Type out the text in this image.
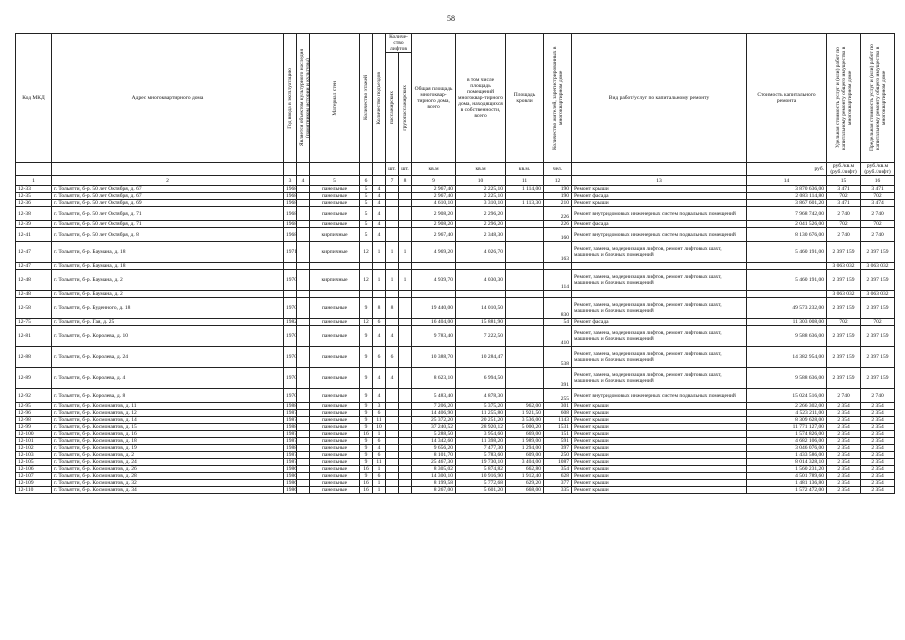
58
Код МКД	Адрес многоквартирного дома	Год ввода в эксплуатацию	Является объектом культурного наследия (памятником истории и культуры)	Материал стен	Количество этажей	Количество подъездов	Количе-ство лифтов		Общая площадь многоквар-тирного дома, всего	в том числе площадь помещений многоквар-тирного дома, находящихся в собственности, всего	Площадь кровли	Количество жителей, зарегистрированных в многоквартирном доме	Вид работ/услуг по капитальному ремонту	Стоимость капитального ремонта	Удельная стоимость услуг и (или) работ по капитальному ремонту общего имущества в многоквартирном доме	Предельная стоимость услуг и (или) работ по капитальному ремонту общего имущества в многоквартирном доме

							пассажирских	грузопассажирских								

							шт.	шт.	кв.м	кв.м	кв.м.	чел.		руб.	руб./кв.м (руб./лифт)	руб./кв.м (руб./лифт)
1	2	3	4	5	6		7	8	9	10	11	12	13	14	15	16
12-33	г. Тольятти, б-р. 50 лет Октября, д. 67	1968		панельные	5	4			2 967,40	2 225,10	1 114,00	190	Ремонт крыши	3 870 636,00	3 471	3 471
12-35	г. Тольятти, б-р. 50 лет Октября, д. 67	1968		панельные	5	4			2 967,40	2 225,10		190	Ремонт фасада	2 083 114,80	702	702
12-36	г. Тольятти, б-р. 50 лет Октября, д. 69	1968		панельные	5	4			4 610,10	3 310,10	1 113,30	210	Ремонт крыши	3 867 601,20	3 471	3 474
12-38	г. Тольятти, б-р. 50 лет Октября, д. 71	1968		панельные	5	4			2 908,20	2 296,20		226	Ремонт внутридомовых инженерных систем подвальных помещений	7 968 742,00	2 740	2 740
12-39	г. Тольятти, б-р. 50 лет Октября, д. 71	1968		панельные	5	4			2 908,20	2 296,20		226	Ремонт фасада	2 041 526,00	702	702
12-41	г. Тольятти, б-р. 50 лет Октября, д. 8	1968		кирпичные	5	4			2 967,40	2 348,30		160	Ремонт внутридомовых инженерных систем подвальных помещений	8 130 676,00	2 740	2 740
12-47	г. Тольятти, б-р. Баумана, д. 18	1971		кирпичные	12	1	1	1	4 969,20	4 026,70		163	Ремонт, замена, модернизация лифтов, ремонт лифтовых шахт, машинных и блочных помещений	5 460 191,00	2 397 159	2 397 159
12-47	г. Тольятти, б-р. Баумана, д. 18														3 063 032	3 063 032
12-48	г. Тольятти, б-р. Баумана, д. 2	1970		кирпичные	12	1	1	1	4 939,70	4 030,30		114	Ремонт, замена, модернизация лифтов, ремонт лифтовых шахт, машинных и блочных помещений	5 460 191,00	2 397 159	2 397 159
12-48	г. Тольятти, б-р. Баумана, д. 2														3 063 032	3 063 032
12-58	г. Тольятти, б-р. Буденного, д. 18	1970		панельные	9	8	8		19 440,00	14 010,50		830	Ремонт, замена, модернизация лифтов, ремонт лифтовых шахт, машинных и блочных помещений	49 573 232,00	2 397 159	2 397 159
12-75	г. Тольятти, б-р. Гая, д. 25	1982		панельные	12	6			16 404,00	15 881,90		54	Ремонт фасада	11 303 008,00	702	702
12-81	г. Тольятти, б-р. Королева, д. 10	1970		панельные	9	4	4		9 783,40	7 222,50		410	Ремонт, замена, модернизация лифтов, ремонт лифтовых шахт, машинных и блочных помещений	9 588 636,00	2 397 159	2 397 159
12-88	г. Тольятти, б-р. Королева, д. 24	1970		панельные	9	6	6		10 388,70	10 284,47		538	Ремонт, замена, модернизация лифтов, ремонт лифтовых шахт, машинных и блочных помещений	14 382 954,00	2 397 159	2 397 159
12-89	г. Тольятти, б-р. Королева, д. 4	1970		панельные	9	4	4		8 623,10	6 994,50		391	Ремонт, замена, модернизация лифтов, ремонт лифтовых шахт, машинных и блочных помещений	9 588 636,00	2 397 159	2 397 159
12-92	г. Тольятти, б-р. Королева, д. 8	1970		панельные	9	4			5 483,40	4 878,30		255	Ремонт внутридомовых инженерных систем подвальных помещений	15 024 516,00	2 740	2 740
12-95	г. Тольятти, б-р. Космонавтов, д. 11	1988		панельные	9	3			7 206,20	5 375,20	962,00	301	Ремонт крыши	2 266 302,00	2 354	2 354
12-96	г. Тольятти, б-р. Космонавтов, д. 12	1987		панельные	9	6			14 406,90	11 255,80	1 921,50	608	Ремонт крыши	4 523 211,00	2 354	2 354
12-98	г. Тольятти, б-р. Космонавтов, д. 14	1987		панельные	9	11			25 372,20	20 251,20	3 536,00	1143	Ремонт крыши	8 309 628,00	2 354	2 354
12-99	г. Тольятти, б-р. Космонавтов, д. 15	1988		панельные	9	10			37 240,52	28 920,12	5 000,20	1531	Ремонт крыши	11 771 127,00	2 354	2 354
12-100	г. Тольятти, б-р. Космонавтов, д. 16	1987		панельные	16	1			5 288,50	3 954,60	669,00	151	Ремонт крыши	1 574 826,00	2 354	2 354
12-101	г. Тольятти, б-р. Космонавтов, д. 18	1987		панельные	9	6			14 342,60	11 398,20	1 989,00	591	Ремонт крыши	4 682 106,00	2 354	2 354
12-102	г. Тольятти, б-р. Космонавтов, д. 19	1988		панельные	9	4			9 656,20	7 477,30	1 294,00	397	Ремонт крыши	3 046 076,00	2 354	2 354
12-103	г. Тольятти, б-р. Космонавтов, д. 2	1987		панельные	9	6			8 101,70	5 783,60	609,00	250	Ремонт крыши	1 433 586,00	2 354	2 354
12-105	г. Тольятти, б-р. Космонавтов, д. 24	1987		панельные	9	11			25 467,30	19 730,10	3 404,00	1087	Ремонт крыши	8 014 328,10	2 354	2 354
12-106	г. Тольятти, б-р. Космонавтов, д. 26	1986		панельные	16	1			8 305,02	5 874,82	662,80	354	Ремонт крыши	1 560 231,20	2 354	2 354
12-107	г. Тольятти, б-р. Космонавтов, д. 28	1986		панельные	9	6			14 300,10	10 916,90	1 912,40	628	Ремонт крыши	4 501 789,60	2 354	2 354
12-109	г. Тольятти, б-р. Космонавтов, д. 32	1986		панельные	16	1			8 199,58	5 772,68	629,20	377	Ремонт крыши	1 481 136,80	2 354	2 354
12-110	г. Тольятти, б-р. Космонавтов, д. 34	1986		панельные	16	1			8 267,00	5 601,20	668,00	335	Ремонт крыши	1 572 472,00	2 354	2 354
